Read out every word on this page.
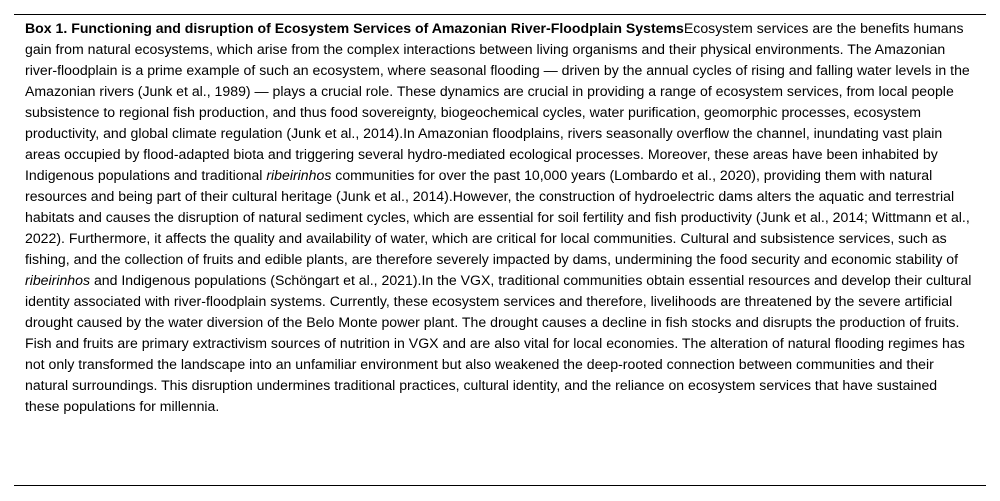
Box 1. Functioning and disruption of Ecosystem Services of Amazonian River-Floodplain SystemsEcosystem services are the benefits humans gain from natural ecosystems, which arise from the complex interactions between living organisms and their physical environments. The Amazonian river-floodplain is a prime example of such an ecosystem, where seasonal flooding — driven by the annual cycles of rising and falling water levels in the Amazonian rivers (Junk et al., 1989) — plays a crucial role. These dynamics are crucial in providing a range of ecosystem services, from local people subsistence to regional fish production, and thus food sovereignty, biogeochemical cycles, water purification, geomorphic processes, ecosystem productivity, and global climate regulation (Junk et al., 2014).In Amazonian floodplains, rivers seasonally overflow the channel, inundating vast plain areas occupied by flood-adapted biota and triggering several hydro-mediated ecological processes. Moreover, these areas have been inhabited by Indigenous populations and traditional ribeirinhos communities for over the past 10,000 years (Lombardo et al., 2020), providing them with natural resources and being part of their cultural heritage (Junk et al., 2014).However, the construction of hydroelectric dams alters the aquatic and terrestrial habitats and causes the disruption of natural sediment cycles, which are essential for soil fertility and fish productivity (Junk et al., 2014; Wittmann et al., 2022). Furthermore, it affects the quality and availability of water, which are critical for local communities. Cultural and subsistence services, such as fishing, and the collection of fruits and edible plants, are therefore severely impacted by dams, undermining the food security and economic stability of ribeirinhos and Indigenous populations (Schöngart et al., 2021).In the VGX, traditional communities obtain essential resources and develop their cultural identity associated with river-floodplain systems. Currently, these ecosystem services and therefore, livelihoods are threatened by the severe artificial drought caused by the water diversion of the Belo Monte power plant. The drought causes a decline in fish stocks and disrupts the production of fruits. Fish and fruits are primary extractivism sources of nutrition in VGX and are also vital for local economies. The alteration of natural flooding regimes has not only transformed the landscape into an unfamiliar environment but also weakened the deep-rooted connection between communities and their natural surroundings. This disruption undermines traditional practices, cultural identity, and the reliance on ecosystem services that have sustained these populations for millennia.
